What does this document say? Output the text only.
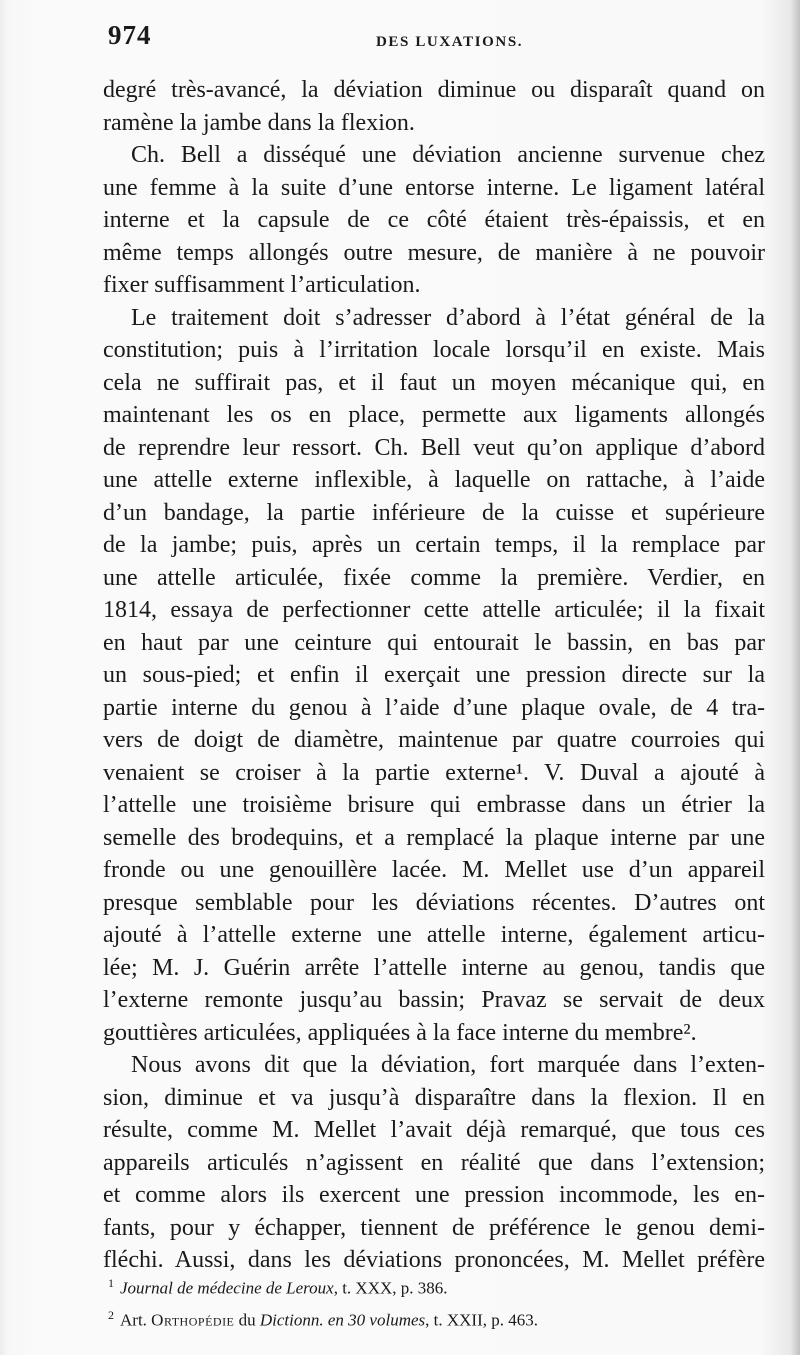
974	DES LUXATIONS.
degré très-avancé, la déviation diminue ou disparaît quand on
ramène la jambe dans la flexion.
Ch. Bell a disséqué une déviation ancienne survenue chez
une femme à la suite d’une entorse interne. Le ligament latéral
interne et la capsule de ce côté étaient très-épaissis, et en
même temps allongés outre mesure, de manière à ne pouvoir
fixer suffisamment l’articulation.
Le traitement doit s’adresser d’abord à l’état général de la
constitution; puis à l’irritation locale lorsqu’il en existe. Mais
cela ne suffirait pas, et il faut un moyen mécanique qui, en
maintenant les os en place, permette aux ligaments allongés
de reprendre leur ressort. Ch. Bell veut qu’on applique d’abord
une attelle externe inflexible, à laquelle on rattache, à l’aide
d’un bandage, la partie inférieure de la cuisse et supérieure
de la jambe; puis, après un certain temps, il la remplace par
une attelle articulée, fixée comme la première. Verdier, en
1814, essaya de perfectionner cette attelle articulée; il la fixait
en haut par une ceinture qui entourait le bassin, en bas par
un sous-pied; et enfin il exerçait une pression directe sur la
partie interne du genou à l’aide d’une plaque ovale, de 4 tra-
vers de doigt de diamètre, maintenue par quatre courroies qui
venaient se croiser à la partie externe¹. V. Duval a ajouté à
l’attelle une troisième brisure qui embrasse dans un étrier la
semelle des brodequins, et a remplacé la plaque interne par une
fronde ou une genouillère lacée. M. Mellet use d’un appareil
presque semblable pour les déviations récentes. D’autres ont
ajouté à l’attelle externe une attelle interne, également articu-
lée; M. J. Guérin arrête l’attelle interne au genou, tandis que
l’externe remonte jusqu’au bassin; Pravaz se servait de deux
gouttières articulées, appliquées à la face interne du membre².
Nous avons dit que la déviation, fort marquée dans l’exten-
sion, diminue et va jusqu’à disparaître dans la flexion. Il en
résulte, comme M. Mellet l’avait déjà remarqué, que tous ces
appareils articulés n’agissent en réalité que dans l’extension;
et comme alors ils exercent une pression incommode, les en-
fants, pour y échapper, tiennent de préférence le genou demi-
fléchi. Aussi, dans les déviations prononcées, M. Mellet préfère
$^1$ Journal de médecine de Leroux, t. XXX, p. 386.
$^2$ Art. Orthopédie du Dictionn. en 30 volumes, t. XXII, p. 463.
